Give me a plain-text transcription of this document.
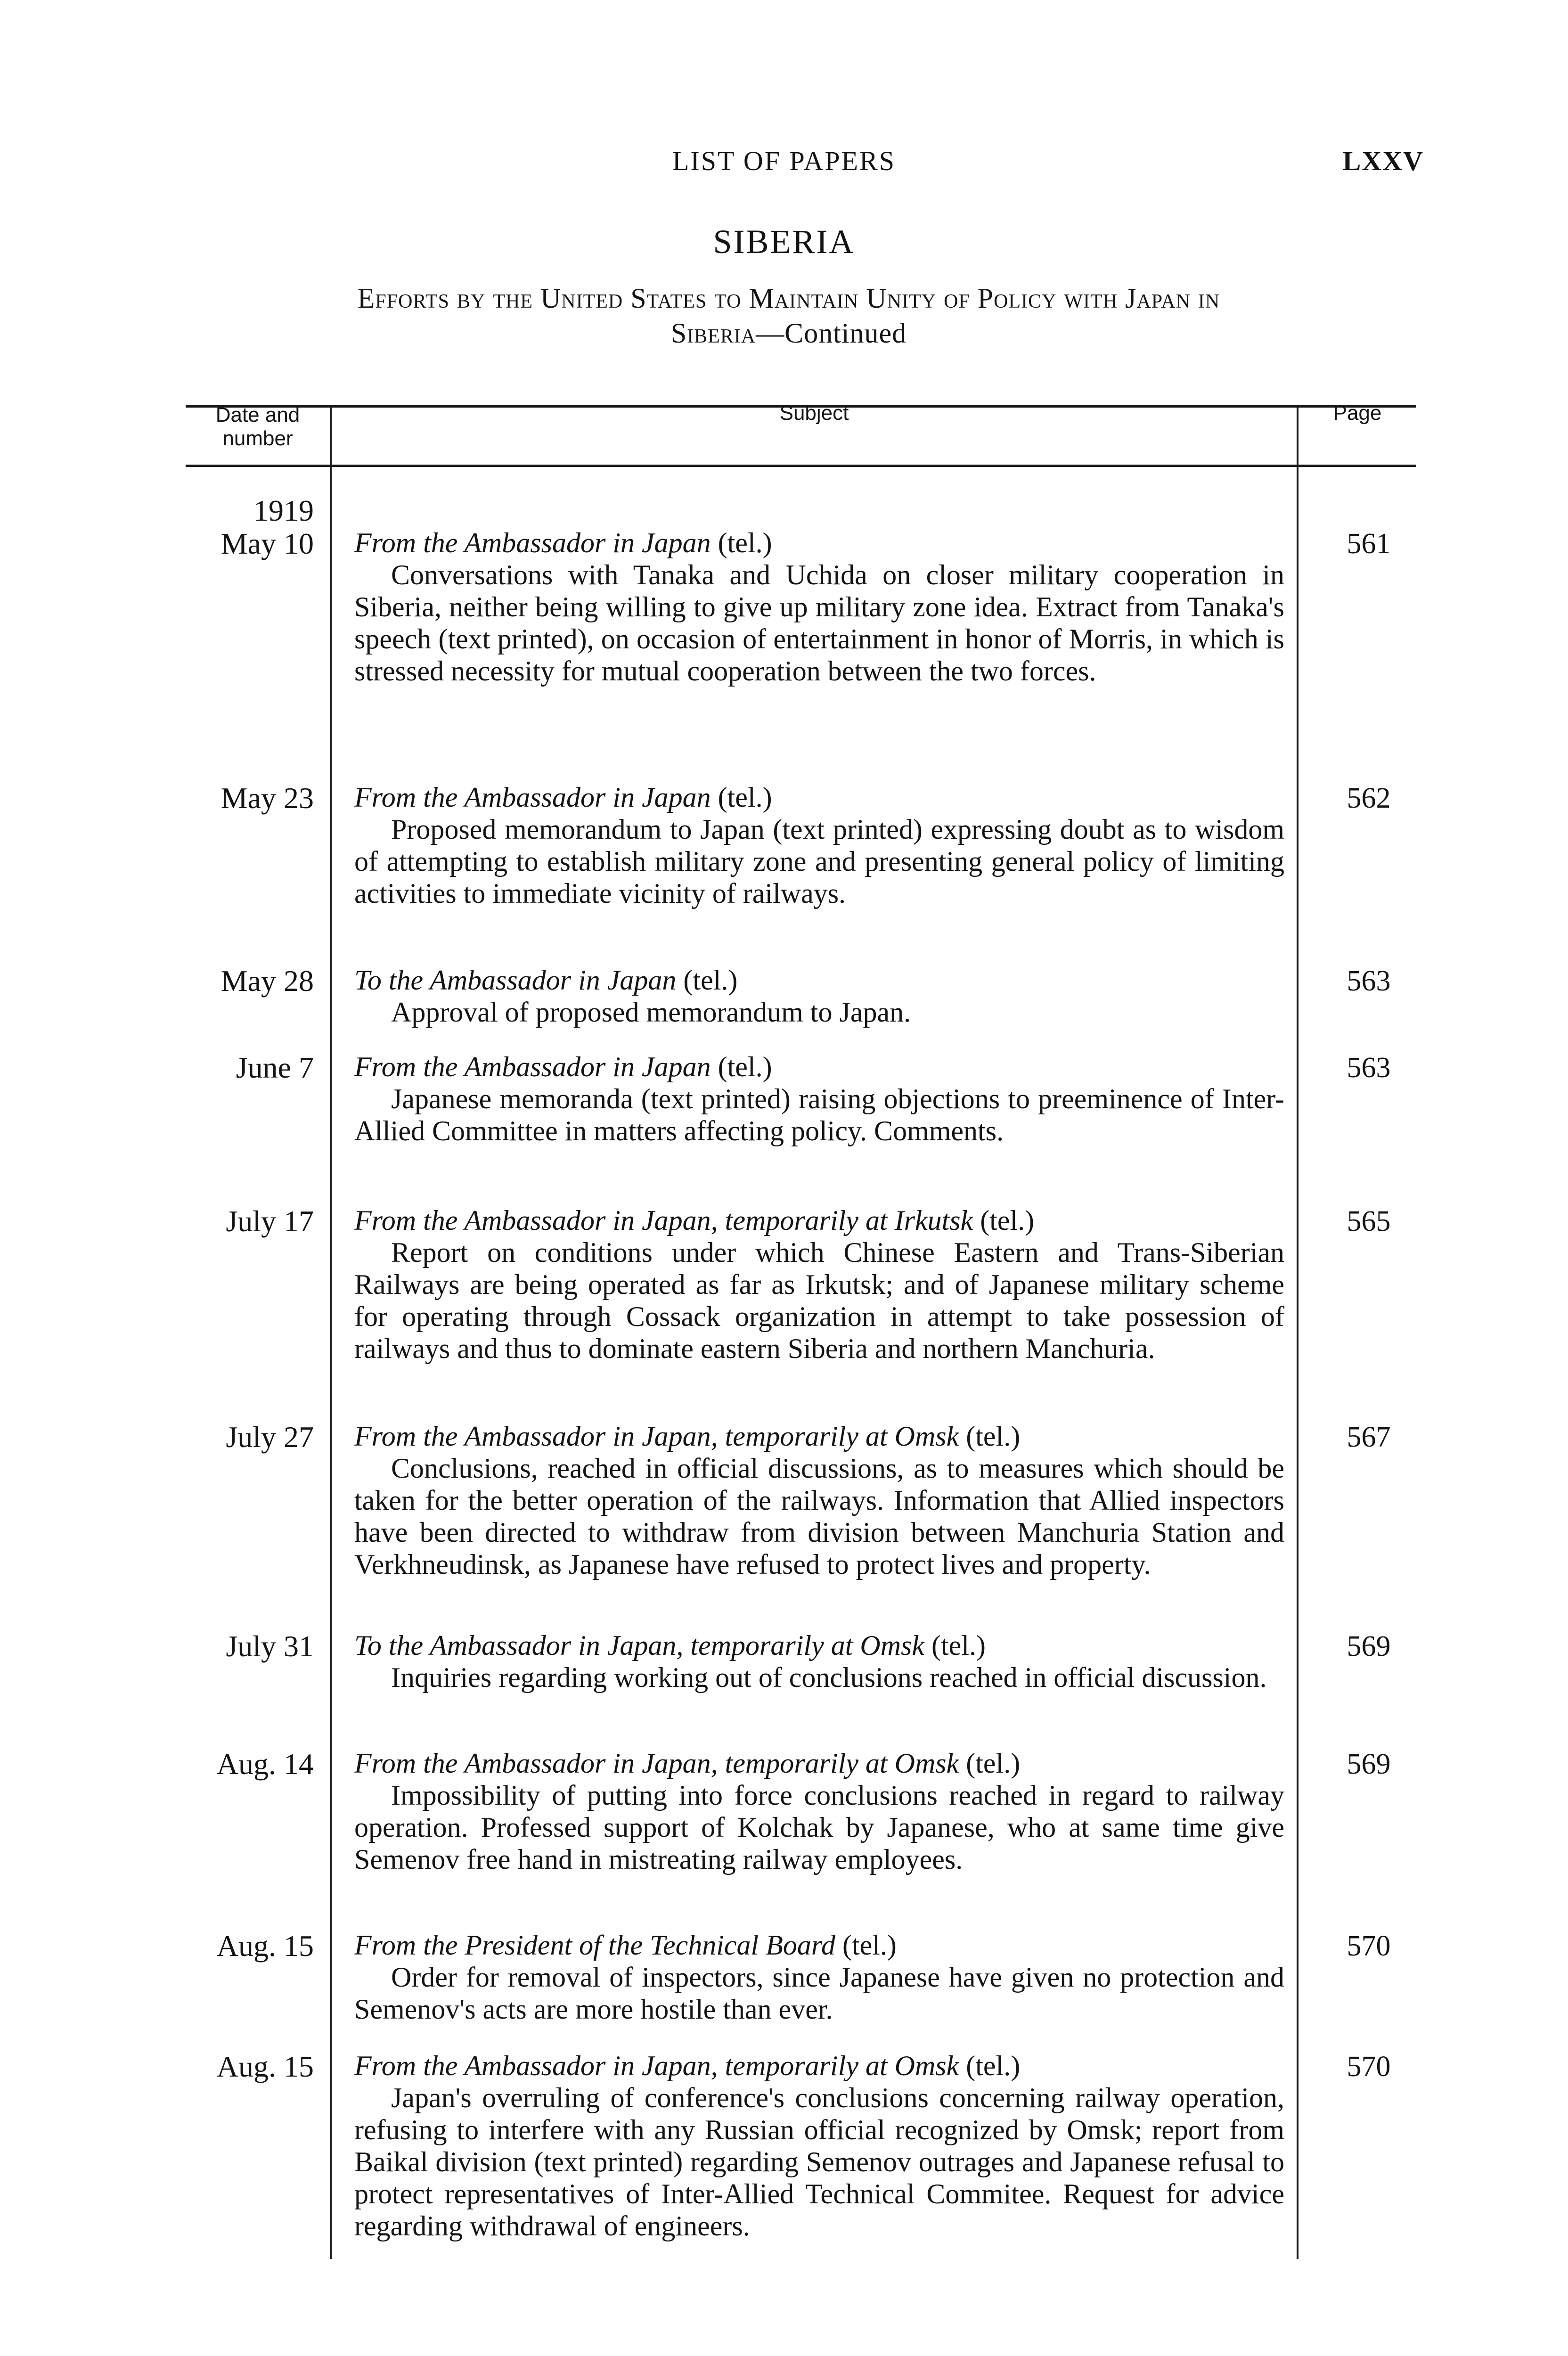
LIST OF PAPERS	LXXV
SIBERIA
Efforts by the United States to Maintain Unity of Policy with Japan in
Siberia—Continued
Date and
number
Subject	Page
1919
May 10 From the Ambassador in Japan (tel.)
Conversations with Tanaka and Uchida on closer military cooperation in Siberia, neither being willing to give up military zone idea. Extract from Tanaka's speech (text printed), on occasion of entertainment in honor of Morris, in which is stressed necessity for mutual cooperation between the two forces.
561
May 23 From the Ambassador in Japan (tel.)
Proposed memorandum to Japan (text printed) expressing doubt as to wisdom of attempting to establish military zone and presenting general policy of limiting activities to immediate vicinity of railways.
562
May 28 To the Ambassador in Japan (tel.)
Approval of proposed memorandum to Japan.
563
June 7 From the Ambassador in Japan (tel.)
Japanese memoranda (text printed) raising objections to preeminence of Inter-Allied Committee in matters affecting policy. Comments.
563
July 17 From the Ambassador in Japan, temporarily at Irkutsk (tel.)
Report on conditions under which Chinese Eastern and Trans-Siberian Railways are being operated as far as Irkutsk; and of Japanese military scheme for operating through Cossack organization in attempt to take possession of railways and thus to dominate eastern Siberia and northern Manchuria.
565
July 27 From the Ambassador in Japan, temporarily at Omsk (tel.)
Conclusions, reached in official discussions, as to measures which should be taken for the better operation of the railways. Information that Allied inspectors have been directed to withdraw from division between Manchuria Station and Verkhneudinsk, as Japanese have refused to protect lives and property.
567
July 31 To the Ambassador in Japan, temporarily at Omsk (tel.)
Inquiries regarding working out of conclusions reached in official discussion.
569
Aug. 14 From the Ambassador in Japan, temporarily at Omsk (tel.)
Impossibility of putting into force conclusions reached in regard to railway operation. Professed support of Kolchak by Japanese, who at same time give Semenov free hand in mistreating railway employees.
569
Aug. 15 From the President of the Technical Board (tel.)
Order for removal of inspectors, since Japanese have given no protection and Semenov's acts are more hostile than ever.
570
Aug. 15 From the Ambassador in Japan, temporarily at Omsk (tel.)
Japan's overruling of conference's conclusions concerning railway operation, refusing to interfere with any Russian official recognized by Omsk; report from Baikal division (text printed) regarding Semenov outrages and Japanese refusal to protect representatives of Inter-Allied Technical Commitee. Request for advice regarding withdrawal of engineers.
570
